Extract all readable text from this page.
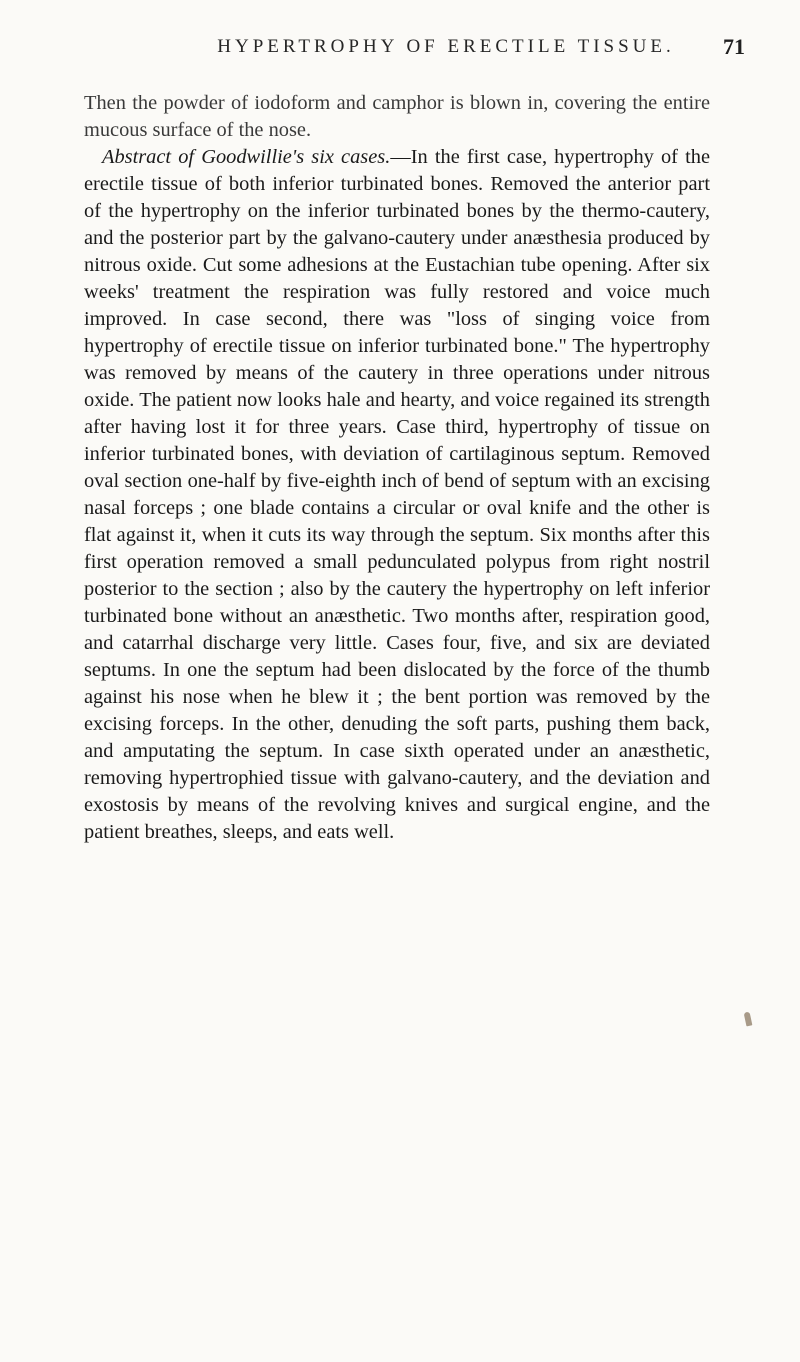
HYPERTROPHY OF ERECTILE TISSUE.	71

Then the powder of iodoform and camphor is blown in, covering the entire mucous surface of the nose.

Abstract of Goodwillie's six cases.—In the first case, hypertrophy of the erectile tissue of both inferior turbinated bones. Removed the anterior part of the hypertrophy on the inferior turbinated bones by the thermo-cautery, and the posterior part by the galvano-cautery under anæsthesia produced by nitrous oxide. Cut some adhesions at the Eustachian tube opening. After six weeks' treatment the respiration was fully restored and voice much improved. In case second, there was "loss of singing voice from hypertrophy of erectile tissue on inferior turbinated bone." The hypertrophy was removed by means of the cautery in three operations under nitrous oxide. The patient now looks hale and hearty, and voice regained its strength after having lost it for three years. Case third, hypertrophy of tissue on inferior turbinated bones, with deviation of cartilaginous septum. Removed oval section one-half by five-eighth inch of bend of septum with an excising nasal forceps ; one blade contains a circular or oval knife and the other is flat against it, when it cuts its way through the septum. Six months after this first operation removed a small pedunculated polypus from right nostril posterior to the section ; also by the cautery the hypertrophy on left inferior turbinated bone without an anæsthetic. Two months after, respiration good, and catarrhal discharge very little. Cases four, five, and six are deviated septums. In one the septum had been dislocated by the force of the thumb against his nose when he blew it ; the bent portion was removed by the excising forceps. In the other, denuding the soft parts, pushing them back, and amputating the septum. In case sixth operated under an anæsthetic, removing hypertrophied tissue with galvano-cautery, and the deviation and exostosis by means of the revolving knives and surgical engine, and the patient breathes, sleeps, and eats well.
